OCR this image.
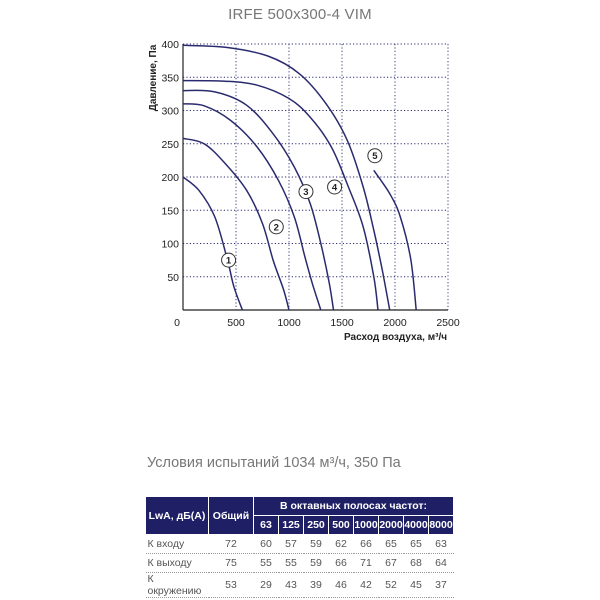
IRFE 500x300-4 VIM
0	500	1000	1500	2000	2500
50
100
150
200
250
300
350
400
Расход воздуха, м³/ч
Давление, Па
1
2
3 4
5
Условия испытаний 1034 м³/ч, 350 Па
LwA, дБ(A)	Общий	В октавных полосах частот:							
		63	125	250	500	1000	2000	4000	8000
К входу	72	60	57	59	62	66	65	65	63
К выходу	75	55	55	59	66	71	67	68	64
К окружению	53	29	43	39	46	42	52	45	37
